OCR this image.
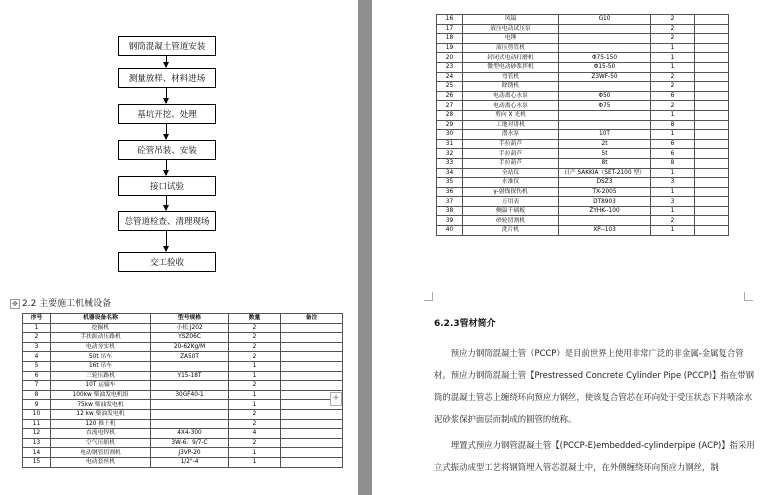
钢筒混凝土管道安装
测量放样、材料进场
基坑开挖、处理
砼管吊装、安装
接口试验
总管道检查、清理现场
交工验收
✥ 2.2 主要施工机械设备
序号	机器设备名称	型号规格	数量	备注
1	挖掘机	小松 J202	2	
2	手扶振动压路机	YSZ06C	2	
3	电动夯实机	20-62Kg/M	2	
4	50t 吊车	ZA50T	2	
5	16t 吊车		1	
6	三轮压路机	Y15-18T	1	
7	10T 运输车		2	
8	100kw 柴油发电机组	30GF40-1	1	
9	75kw 柴油发电机		1	
10	12 kw 柴油发电机		2	
11	120 推土机		2	
12	直流电焊机	4X4-300	4	
13	空气压缩机	3W-6．9/7-C	2	
14	电动钢管切割机	J3VP-20	1	
15	电动套丝机	1/2"-4	1	
+
16	风镐	G10	2	
17	液压电动试压泵		2	
18	电锤		2	
19	液压剪管机		1	
20	封闭式电动打磨机	Φ75-150	1	
23	微型电动砂浆拌机	Φ15-50	1	
24	弯管机	Z3WF-50	2	
25	除锈机		2	
26	电动离心水泵	Φ50	6	
27	电动离心水泵	Φ75	2	
28	剪向 X 光机		1	
29	工地对讲机		8	
30	潜水泵	10T	1	
31	手拉葫芦	2t	6	
32	手拉葫芦	5t	6	
33	手拉葫芦	8t	8	
34	全站仪	日产 SAKKIA（SET-2100 型）	1	
35	水准仪	DSZ3	3	
36	γ-射线探伤机	TX-2005	1	
37	万用表	DT8903	3	
38	侧温千璃板	ZYHK--100	1	
39	砂轮切割机		2	
40	洗片机	XP--103	1	
6.2.3管材简介
预应力钢筒混凝土管（PCCP）是目前世界上使用非常广泛的非金属-金属复合管材。预应力钢筒混凝土管【Prestressed Concrete Cylinder Pipe (PCCP)】指在带钢筒的混凝土管芯上缠绕环向预应力钢丝，使该复合管芯在环向处于受压状态下并喷涂水泥砂浆保护面层而制成的圆管的统称。
埋置式预应力钢管混凝土管【(PCCP-E)embedded-cylinderpipe (ACP)】指采用立式振动成型工艺将钢筒埋入管芯混凝土中，在外侧缠绕环向预应力钢丝，制
